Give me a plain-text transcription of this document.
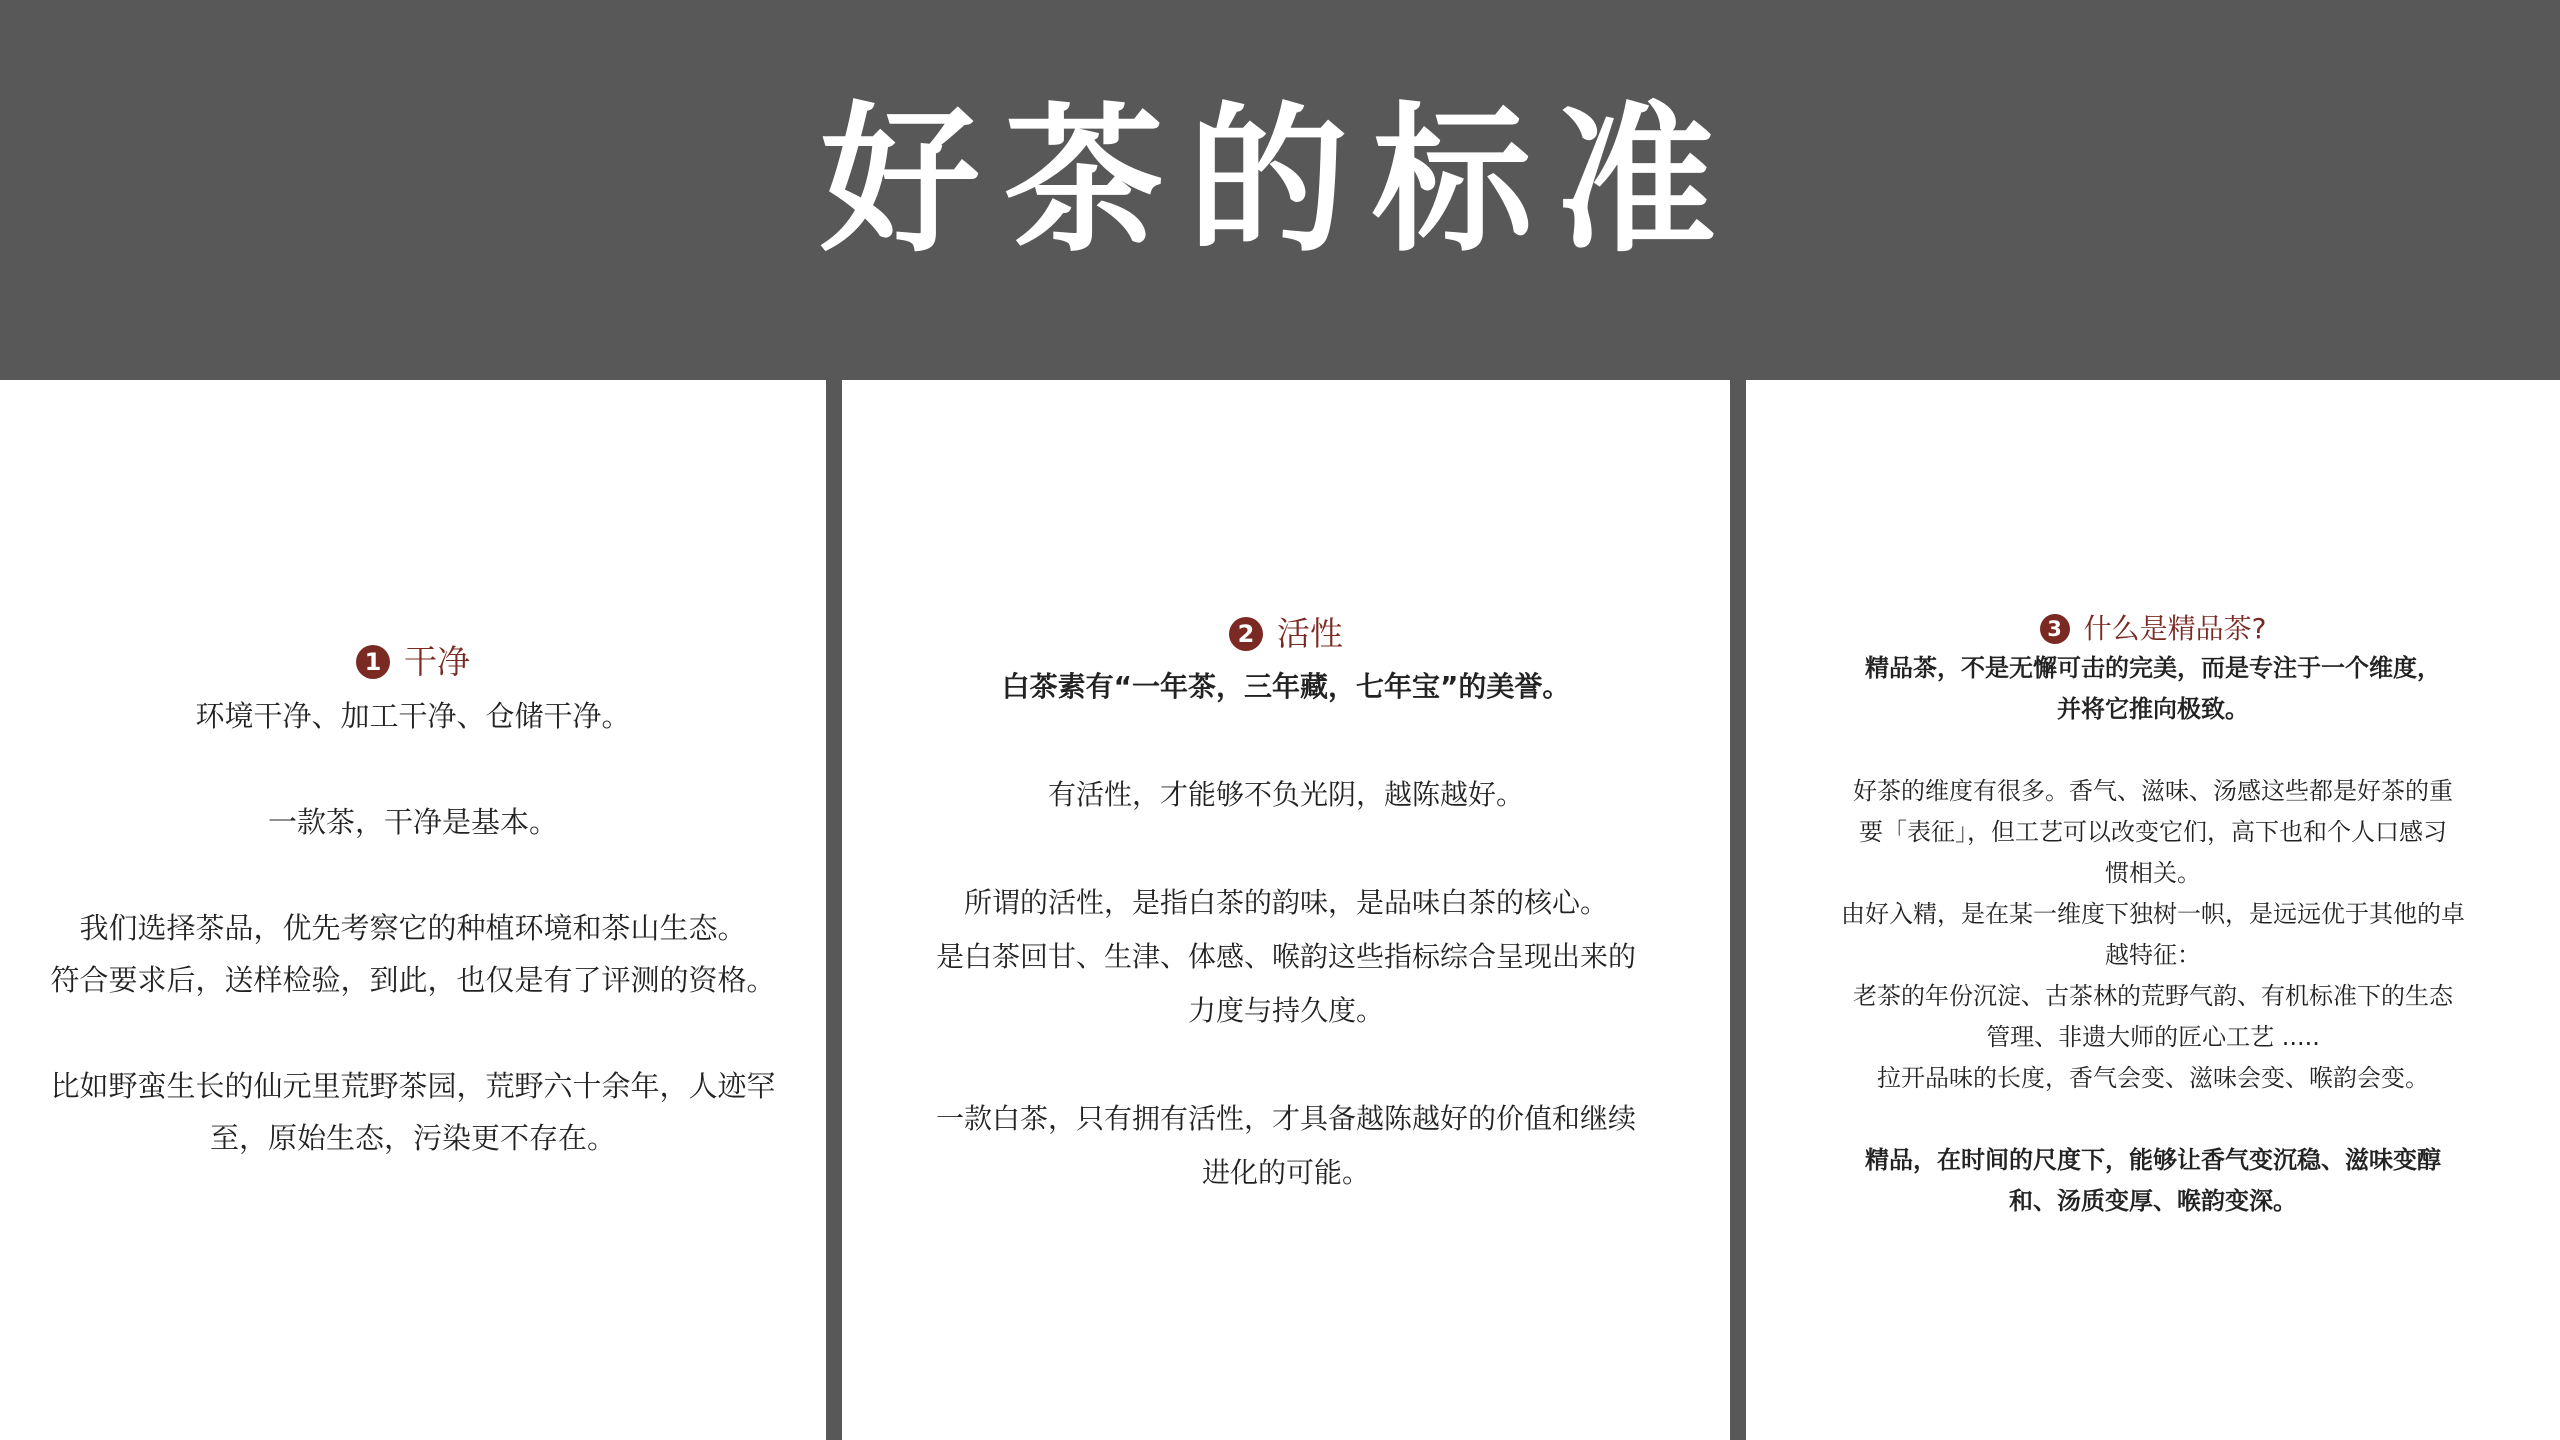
好茶的标准
1 干净
环境干净、加工干净、仓储干净。
一款茶，干净是基本。
我们选择茶品，优先考察它的种植环境和茶山生态。
符合要求后，送样检验，到此，也仅是有了评测的资格。
比如野蛮生长的仙元里荒野茶园，荒野六十余年，人迹罕
至，原始生态，污染更不存在。
2 活性
白茶素有“一年茶，三年藏，七年宝”的美誉。
有活性，才能够不负光阴，越陈越好。
所谓的活性，是指白茶的韵味，是品味白茶的核心。
是白茶回甘、生津、体感、喉韵这些指标综合呈现出来的
力度与持久度。
一款白茶，只有拥有活性，才具备越陈越好的价值和继续
进化的可能。
3 什么是精品茶?
精品茶，不是无懈可击的完美，而是专注于一个维度，
并将它推向极致。
好茶的维度有很多。香气、滋味、汤感这些都是好茶的重
要「表征」，但工艺可以改变它们，高下也和个人口感习
惯相关。
由好入精，是在某一维度下独树一帜，是远远优于其他的卓
越特征：
老茶的年份沉淀、古茶林的荒野气韵、有机标准下的生态
管理、非遗大师的匠心工艺 .....
拉开品味的长度，香气会变、滋味会变、喉韵会变。
精品，在时间的尺度下，能够让香气变沉稳、滋味变醇
和、汤质变厚、喉韵变深。
